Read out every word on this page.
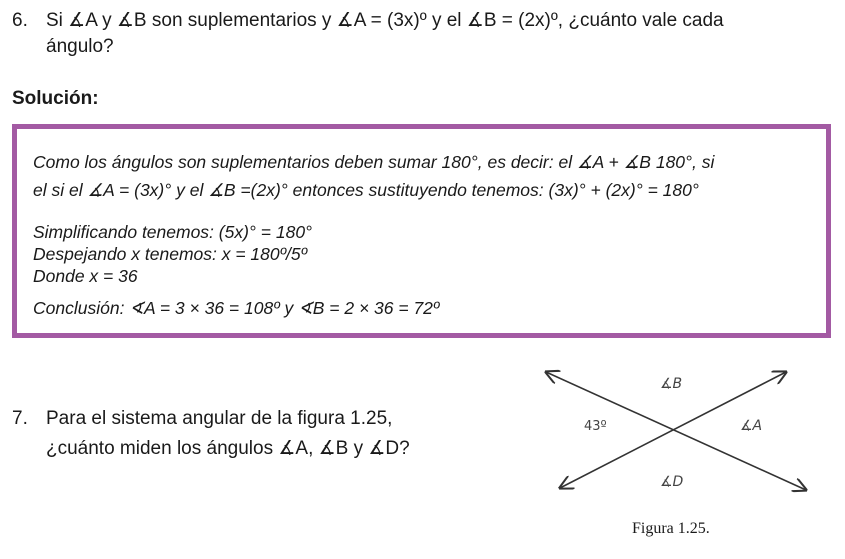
6. Si ∡A y ∡B son suplementarios y ∡A = (3x)º y el ∡B = (2x)º, ¿cuánto vale cada
ángulo?
Solución:

Como los ángulos son suplementarios deben sumar 180°, es decir: el ∡A + ∡B 180°, si

el si el ∡A = (3x)° y el ∡B =(2x)° entonces sustituyendo tenemos: (3x)° + (2x)° = 180°

Simplificando tenemos: (5x)° = 180°

Despejando x tenemos: x = 180º/5º

Donde x = 36

Conclusión: ∢A = 3 × 36 = 108º y ∢B = 2 × 36 = 72º

7. Para el sistema angular de la figura 1.25,
¿cuánto miden los ángulos ∡A, ∡B y ∡D?
∡B
∡A
∡D
43º
Figura 1.25.
